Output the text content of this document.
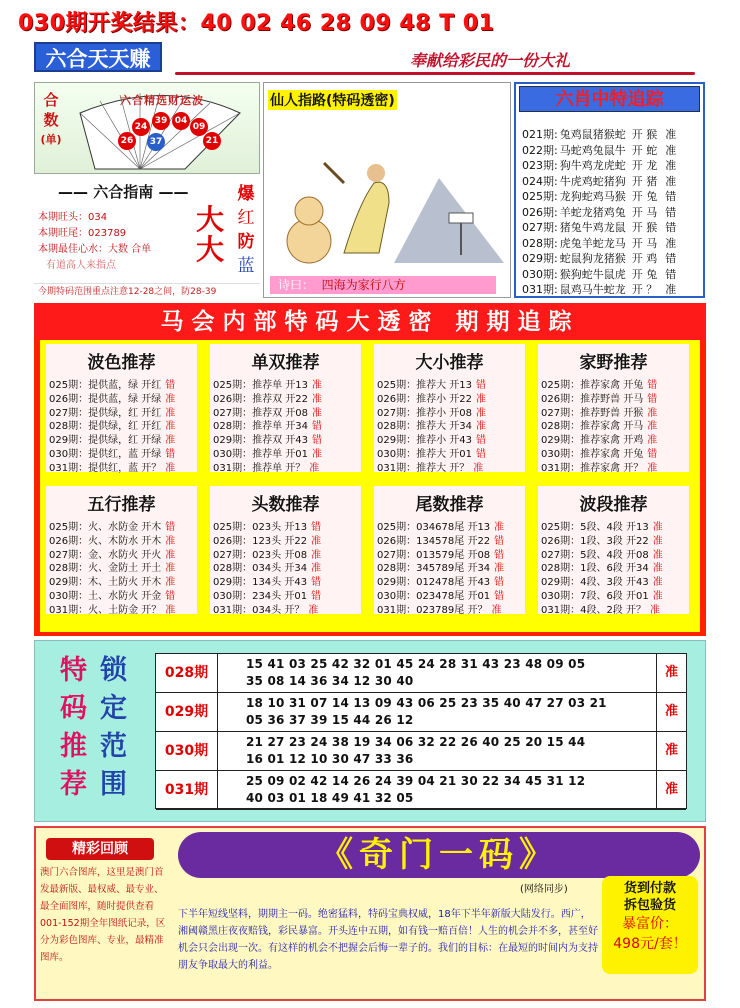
030期开奖结果：40 02 46 28 09 48 T 01
六合天天赚	奉献给彩民的一份大礼
合数
(单)
六合精选财运波
24
39 04
09
26	37	21
—— 六合指南 ——
本期旺头：034
本期旺尾：023789
本期最佳心水：大数 合单
有道高人来指点
大大
爆
红
防
蓝
今期特码范围重点注意12-28之间，防28-39
仙人指路(特码透密)
诗曰： 四海为家行八方
六肖中特追踪
021期: 兔鸡鼠猪猴蛇 开 猴 准
022期: 马蛇鸡兔鼠牛 开 蛇 准
023期: 狗牛鸡龙虎蛇 开 龙 准
024期: 牛虎鸡蛇猪狗 开 猪 准
025期: 龙狗蛇鸡马猴 开 兔 错
026期: 羊蛇龙猪鸡兔 开 马 错
027期: 猪兔牛鸡龙鼠 开 猴 错
028期: 虎兔羊蛇龙马 开 马 准
029期: 蛇鼠狗龙猪猴 开 鸡 错
030期: 猴狗蛇牛鼠虎 开 兔 错
031期: 鼠鸡马牛蛇龙 开 ？ 准
马会内部特码大透密 期期追踪
波色推荐
025期：提供蓝，绿 开红 错
026期：提供蓝，绿 开绿 准
027期：提供绿，红 开红 准
028期：提供绿，红 开红 准
029期：提供绿，红 开绿 准
030期：提供红，蓝 开绿 错
031期：提供红，蓝 开？ 准
单双推荐
025期：推荐单 开13 准
026期：推荐双 开22 准
027期：推荐双 开08 准
028期：推荐单 开34 错
029期：推荐双 开43 错
030期：推荐单 开01 准
031期：推荐单 开？ 准
大小推荐
025期：推荐大 开13 错
026期：推荐小 开22 准
027期：推荐小 开08 准
028期：推荐大 开34 准
029期：推荐小 开43 错
030期：推荐大 开01 错
031期：推荐大 开？ 准
家野推荐
025期：推荐家禽 开兔 错
026期：推荐野兽 开马 错
027期：推荐野兽 开猴 准
028期：推荐家禽 开马 准
029期：推荐家禽 开鸡 准
030期：推荐家禽 开兔 错
031期：推荐家禽 开？ 准
五行推荐
025期：火、水防金 开木 错
026期：火、木防水 开木 准
027期：金、水防火 开火 准
028期：火、金防土 开土 准
029期：木、土防火 开木 准
030期：土、水防火 开金 错
031期：火、土防金 开？ 准
头数推荐
025期：023头 开13 错
026期：123头 开22 准
027期：023头 开08 准
028期：034头 开34 准
029期：134头 开43 错
030期：234头 开01 错
031期：034头 开？ 准
尾数推荐
025期：034678尾 开13 准
026期：134578尾 开22 错
027期：013579尾 开08 错
028期：345789尾 开34 准
029期：012478尾 开43 错
030期：023478尾 开01 错
031期：023789尾 开？ 准
波段推荐
025期：5段、4段 开13 准
026期：1段、3段 开22 准
027期：5段、4段 开08 准
028期：1段、6段 开34 准
029期：4段、3段 开43 准
030期：7段、6段 开01 准
031期：4段、2段 开？ 准
特
码
推
荐
锁
定
范
围
028期
15 41 03 25 42 32 01 45 24 28 31 43 23 48 09 05
35 08 14 36 34 12 30 40
准
029期
18 10 31 07 14 13 09 43 06 25 23 35 40 47 27 03 21
05 36 37 39 15 44 26 12
准
030期
21 27 23 24 38 19 34 06 32 22 26 40 25 20 15 44
16 01 12 10 30 47 33 36
准
031期
25 09 02 42 14 26 24 39 04 21 30 22 34 45 31 12
40 03 01 18 49 41 32 05
准
精彩回顾
澳门六合图库，这里是澳门首发最新版、最权威、最专业、最全面图库，随时提供查看001-152期全年图纸记录，区分为彩色图库、专业，最精准图库。
《奇门一码》
(网络同步)
下半年短线坚料，期期主一码。绝密猛料，特码宝典权威，18年下半年新版大陆发行。西广，湘阈赣黑庄夜夜赔钱，彩民暴富。开头连中五期，如有钱一赔百倍！人生的机会并不多，甚至好机会只会出现一次。有这样的机会不把握会后悔一辈子的。我们的目标：在最短的时间内为支持朋友争取最大的利益。
货到付款
拆包验货
暴富价：
498元/套！
